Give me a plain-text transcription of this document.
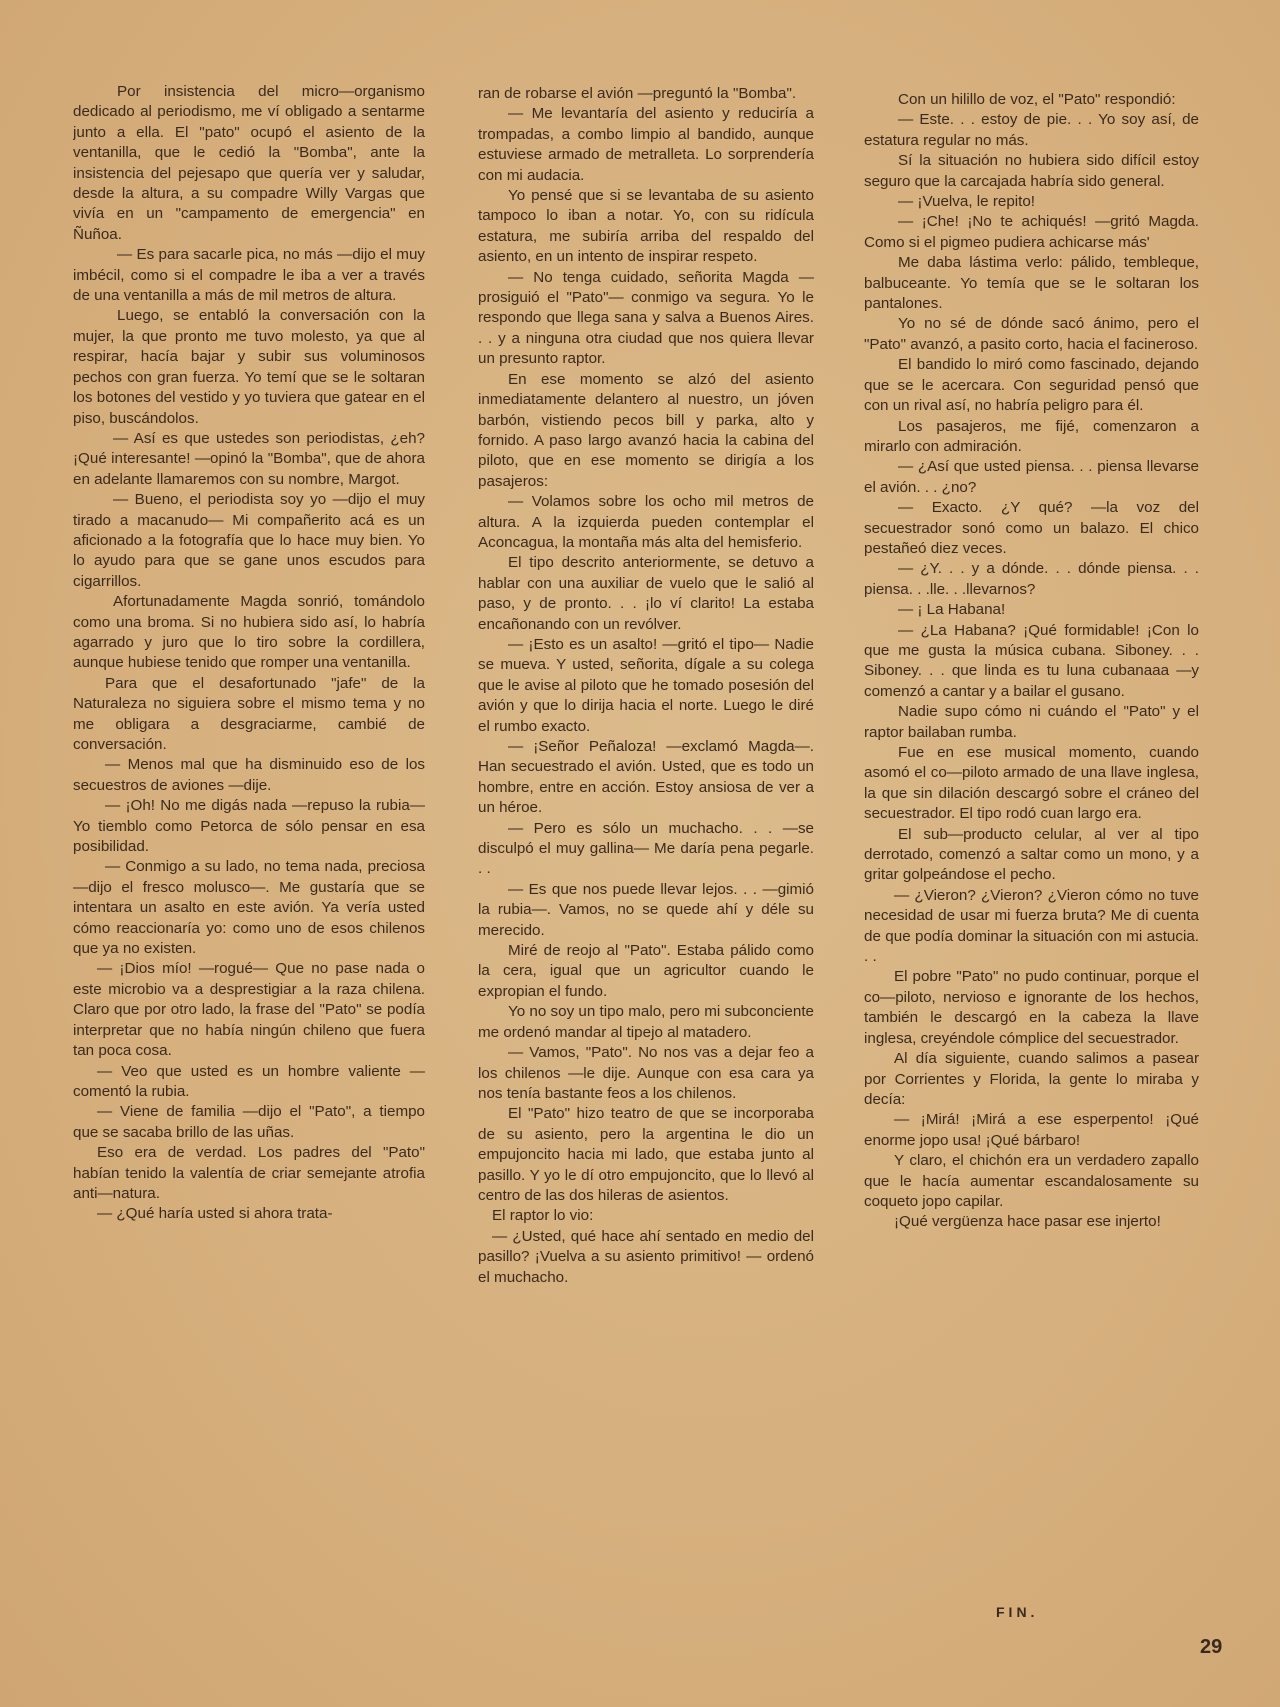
Por insistencia del micro—organismo dedicado al periodismo, me ví obligado a sentarme junto a ella. El "pato" ocupó el asiento de la ventanilla, que le cedió la "Bomba", ante la insistencia del pejesapo que quería ver y saludar, desde la altura, a su compadre Willy Vargas que vivía en un "campamento de emergencia" en Ñuñoa.

— Es para sacarle pica, no más —dijo el muy imbécil, como si el compadre le iba a ver a través de una ventanilla a más de mil metros de altura.

Luego, se entabló la conversación con la mujer, la que pronto me tuvo molesto, ya que al respirar, hacía bajar y subir sus voluminosos pechos con gran fuerza. Yo temí que se le soltaran los botones del vestido y yo tuviera que gatear en el piso, buscándolos.

— Así es que ustedes son periodistas, ¿eh? ¡Qué interesante! —opinó la "Bomba", que de ahora en adelante llamaremos con su nombre, Margot.

— Bueno, el periodista soy yo —dijo el muy tirado a macanudo— Mi compañerito acá es un aficionado a la fotografía que lo hace muy bien. Yo lo ayudo para que se gane unos escudos para cigarrillos.

Afortunadamente Magda sonrió, tomándolo como una broma. Si no hubiera sido así, lo habría agarrado y juro que lo tiro sobre la cordillera, aunque hubiese tenido que romper una ventanilla.

Para que el desafortunado "jafe" de la Naturaleza no siguiera sobre el mismo tema y no me obligara a desgraciarme, cambié de conversación.

— Menos mal que ha disminuido eso de los secuestros de aviones —dije.

— ¡Oh! No me digás nada —repuso la rubia— Yo tiemblo como Petorca de sólo pensar en esa posibilidad.

— Conmigo a su lado, no tema nada, preciosa —dijo el fresco molusco—. Me gustaría que se intentara un asalto en este avión. Ya vería usted cómo reaccionaría yo: como uno de esos chilenos que ya no existen.

— ¡Dios mío! —rogué— Que no pase nada o este microbio va a desprestigiar a la raza chilena. Claro que por otro lado, la frase del "Pato" se podía interpretar que no había ningún chileno que fuera tan poca cosa.

— Veo que usted es un hombre valiente —comentó la rubia.

— Viene de familia —dijo el "Pato", a tiempo que se sacaba brillo de las uñas.

Eso era de verdad. Los padres del "Pato" habían tenido la valentía de criar semejante atrofia anti—natura.

— ¿Qué haría usted si ahora trata-

ran de robarse el avión —preguntó la "Bomba".

— Me levantaría del asiento y reduciría a trompadas, a combo limpio al bandido, aunque estuviese armado de metralleta. Lo sorprendería con mi audacia.

Yo pensé que si se levantaba de su asiento tampoco lo iban a notar. Yo, con su ridícula estatura, me subiría arriba del respaldo del asiento, en un intento de inspirar respeto.

— No tenga cuidado, señorita Magda —prosiguió el "Pato"— conmigo va segura. Yo le respondo que llega sana y salva a Buenos Aires. . . y a ninguna otra ciudad que nos quiera llevar un presunto raptor.

En ese momento se alzó del asiento inmediatamente delantero al nuestro, un jóven barbón, vistiendo pecos bill y parka, alto y fornido. A paso largo avanzó hacia la cabina del piloto, que en ese momento se dirigía a los pasajeros:

— Volamos sobre los ocho mil metros de altura. A la izquierda pueden contemplar el Aconcagua, la montaña más alta del hemisferio.

El tipo descrito anteriormente, se detuvo a hablar con una auxiliar de vuelo que le salió al paso, y de pronto. . . ¡lo ví clarito! La estaba encañonando con un revólver.

— ¡Esto es un asalto! —gritó el tipo— Nadie se mueva. Y usted, señorita, dígale a su colega que le avise al piloto que he tomado posesión del avión y que lo dirija hacia el norte. Luego le diré el rumbo exacto.

— ¡Señor Peñaloza! —exclamó Magda—. Han secuestrado el avión. Usted, que es todo un hombre, entre en acción. Estoy ansiosa de ver a un héroe.

— Pero es sólo un muchacho. . . —se disculpó el muy gallina— Me daría pena pegarle. . .

— Es que nos puede llevar lejos. . . —gimió la rubia—. Vamos, no se quede ahí y déle su merecido.

Miré de reojo al "Pato". Estaba pálido como la cera, igual que un agricultor cuando le expropian el fundo.

Yo no soy un tipo malo, pero mi subconciente me ordenó mandar al tipejo al matadero.

— Vamos, "Pato". No nos vas a dejar feo a los chilenos —le dije. Aunque con esa cara ya nos tenía bastante feos a los chilenos.

El "Pato" hizo teatro de que se incorporaba de su asiento, pero la argentina le dio un empujoncito hacia mi lado, que estaba junto al pasillo. Y yo le dí otro empujoncito, que lo llevó al centro de las dos hileras de asientos.

El raptor lo vio:

— ¿Usted, qué hace ahí sentado en medio del pasillo? ¡Vuelva a su asiento primitivo! — ordenó el muchacho.

Con un hilillo de voz, el "Pato" respondió:

— Este. . . estoy de pie. . . Yo soy así, de estatura regular no más.

Sí la situación no hubiera sido difícil estoy seguro que la carcajada habría sido general.

— ¡Vuelva, le repito!

— ¡Che! ¡No te achiqués! —gritó Magda. Como si el pigmeo pudiera achicarse más'

Me daba lástima verlo: pálido, tembleque, balbuceante. Yo temía que se le soltaran los pantalones.

Yo no sé de dónde sacó ánimo, pero el "Pato" avanzó, a pasito corto, hacia el facineroso.

El bandido lo miró como fascinado, dejando que se le acercara. Con seguridad pensó que con un rival así, no habría peligro para él.

Los pasajeros, me fijé, comenzaron a mirarlo con admiración.

— ¿Así que usted piensa. . . piensa llevarse el avión. . . ¿no?

— Exacto. ¿Y qué? —la voz del secuestrador sonó como un balazo. El chico pestañeó diez veces.

— ¿Y. . . y a dónde. . . dónde piensa. . . piensa. . .lle. . .llevarnos?

— ¡ La Habana!

— ¿La Habana? ¡Qué formidable! ¡Con lo que me gusta la música cubana. Siboney. . . Siboney. . . que linda es tu luna cubanaaa —y comenzó a cantar y a bailar el gusano.

Nadie supo cómo ni cuándo el "Pato" y el raptor bailaban rumba.

Fue en ese musical momento, cuando asomó el co—piloto armado de una llave inglesa, la que sin dilación descargó sobre el cráneo del secuestrador. El tipo rodó cuan largo era.

El sub—producto celular, al ver al tipo derrotado, comenzó a saltar como un mono, y a gritar golpeándose el pecho.

— ¿Vieron? ¿Vieron? ¿Vieron cómo no tuve necesidad de usar mi fuerza bruta? Me di cuenta de que podía dominar la situación con mi astucia. . .

El pobre "Pato" no pudo continuar, porque el co—piloto, nervioso e ignorante de los hechos, también le descargó en la cabeza la llave inglesa, creyéndole cómplice del secuestrador.

Al día siguiente, cuando salimos a pasear por Corrientes y Florida, la gente lo miraba y decía:

— ¡Mirá! ¡Mirá a ese esperpento! ¡Qué enorme jopo usa! ¡Qué bárbaro!

Y claro, el chichón era un verdadero zapallo que le hacía aumentar escandalosamente su coqueto jopo capilar.

¡Qué vergüenza hace pasar ese injerto!

FIN.
29
